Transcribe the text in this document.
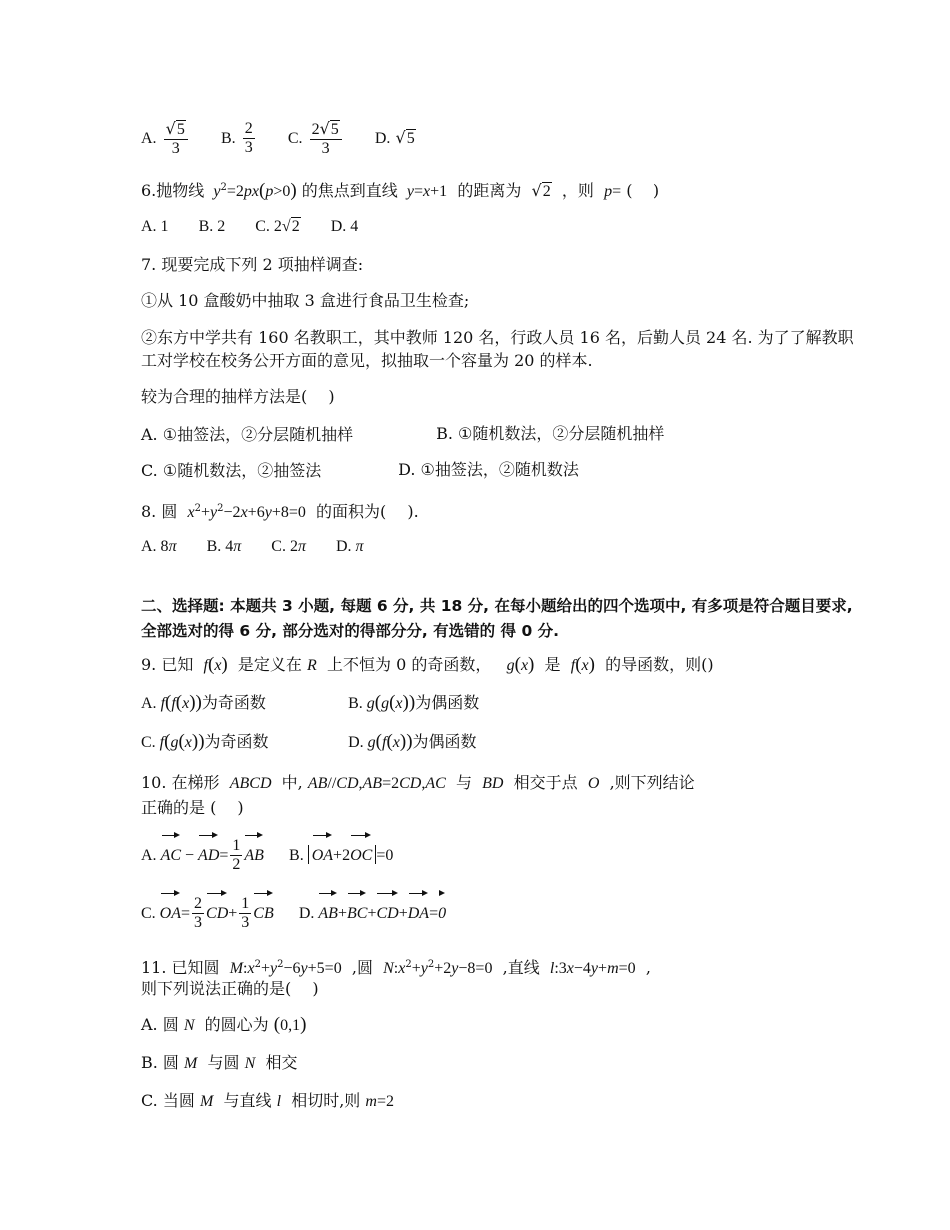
A. $\frac{√5}{3} B$. $\frac{2}{3} C$. $\frac{2√5}{3} D$. √5
6.抛物线  $y^2=2px(p>0)$ 的焦点到直线  y=x+1 的距离为 √2 ，则 p= ( )
A. 1 B. 2 C. 2√2 D. 4
7. 现要完成下列 2 项抽样调查:
①从 10 盒酸奶中抽取 3 盒进行食品卫生检查;
②东方中学共有 160 名教职工，其中教师 120 名，行政人员 16 名，后勤人员 24 名. 为了了解教职工对学校在校务公开方面的意见，拟抽取一个容量为 20 的样本.
较为合理的抽样方法是(　 )
A. ①抽签法，②分层随机抽样	B. ①随机数法，②分层随机抽样
C. ①随机数法，②抽签法	D. ①抽签法，②随机数法
8. 圆 $x^2+y^2-2x+6y+8=0$ 的面积为(　 ).
A. 8π B. 4π C. 2π D. π
二、选择题: 本题共 3 小题, 每题 6 分, 共 18 分, 在每小题给出的四个选项中, 有多项是符合题目要求, 全部选对的得 6 分, 部分选对的得部分分, 有选错的 得 0 分.
9. 已知 f(x) 是定义在 R 上不恒为 0 的奇函数， g(x) 是 f(x) 的导函数，则()
A. f(f(x))为奇函数	B. g(g(x))为偶函数
C. f(g(x))为奇函数	D. g(f(x))为偶函数
10. 在梯形 ABCD 中, AB//CD,AB=2CD,AC 与 BD 相交于点 O ,则下列结论
正确的是 (　 )
A. AC − $AD= \frac{1}{2}$ AB B. OA+2OC =0
C. $OA= \frac{2}{3} CD+ \frac{1}{3}$ CB D. AB+BC+CD+DA=0
11. 已知圆 $M:x^2+y^2-6y+5=0$ ,圆 $N:x^2+y^2+2y-8=0$ ,直线 l:3x−4y+m=0 ,
则下列说法正确的是(　 )
A. 圆 N 的圆心为 (0,1)
B. 圆 M 与圆 N 相交
C. 当圆 M 与直线 l 相切时,则 m=2
